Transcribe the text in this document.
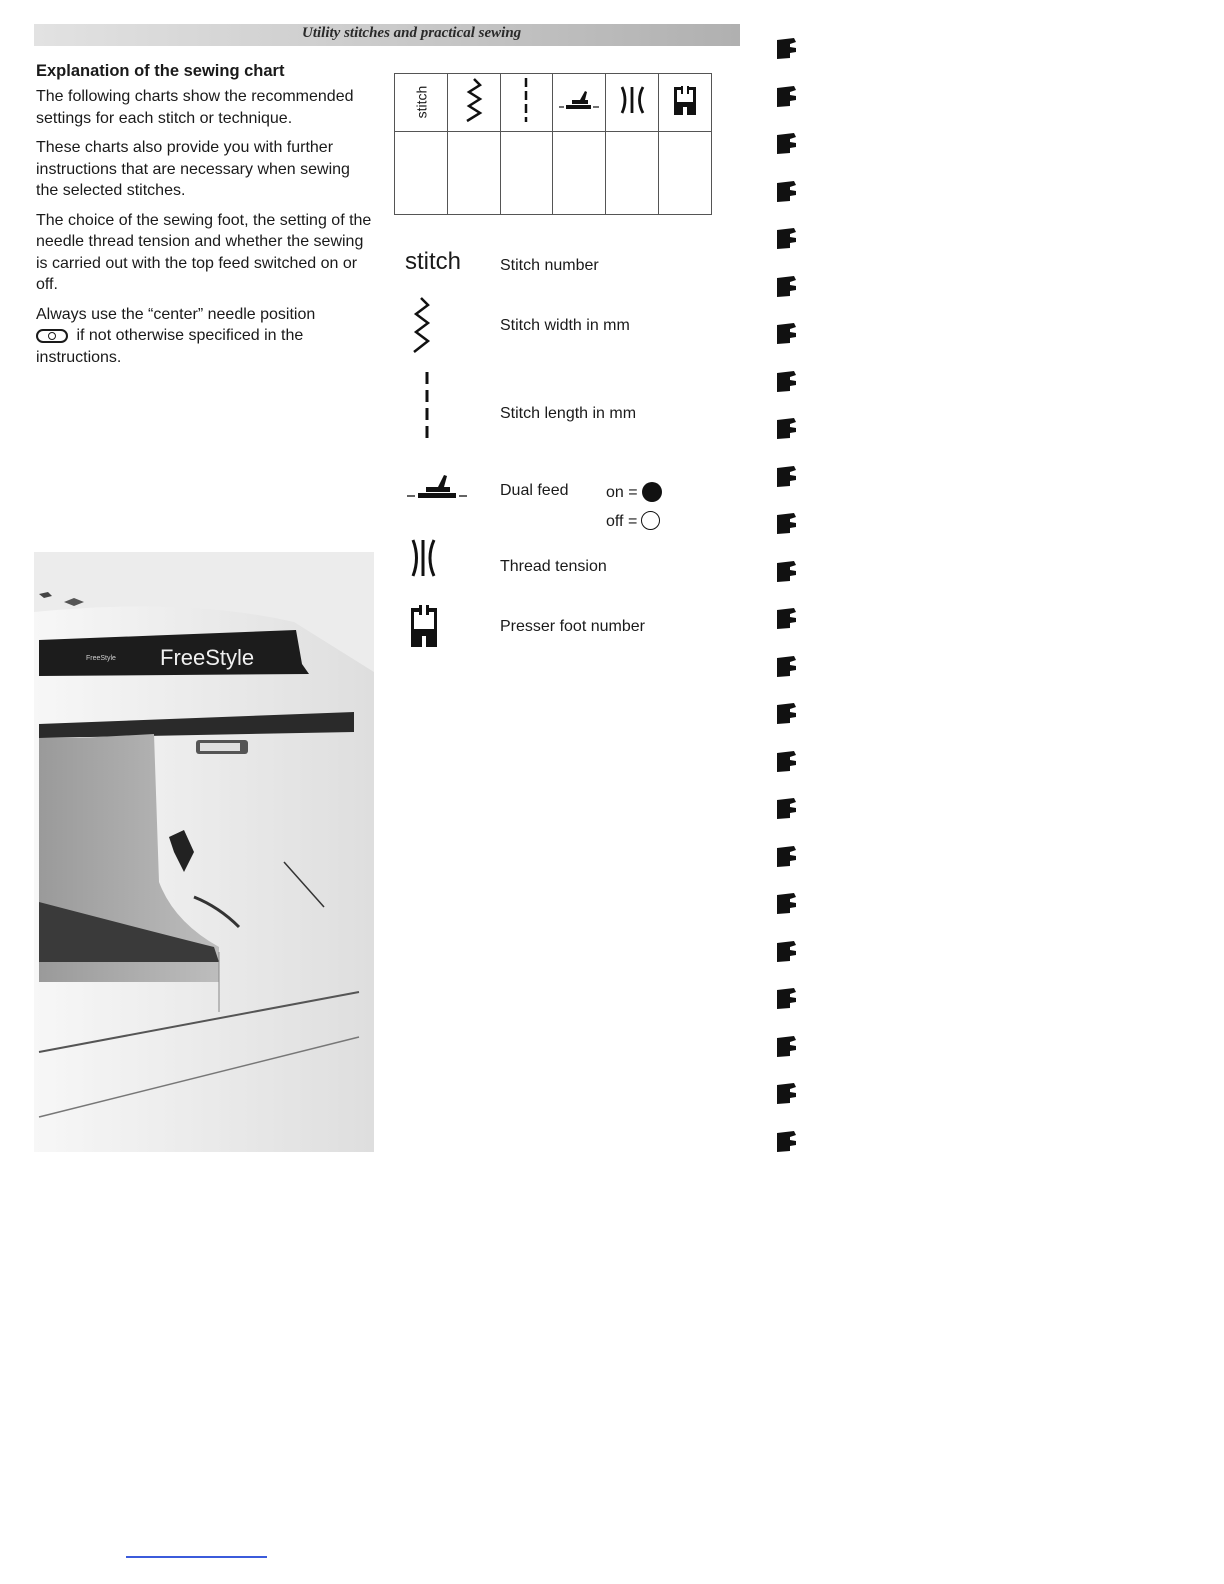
Utility stitches and practical sewing
Explanation of the sewing chart

The following charts show the recommended settings for each stitch or technique.

These charts also provide you with further instructions that are necessary when sewing the selected stitches.

The choice of the sewing foot, the setting of the needle thread tension and whether the sewing is carried out with the top feed switched on or off.

Always use the “center” needle position
if not otherwise specificed in the instructions.

stitch					

stitch Stitch number
Stitch width in mm
Stitch length in mm
Dual feed on =
off =
Thread tension
Presser foot number
FreeStyle FreeStyle
